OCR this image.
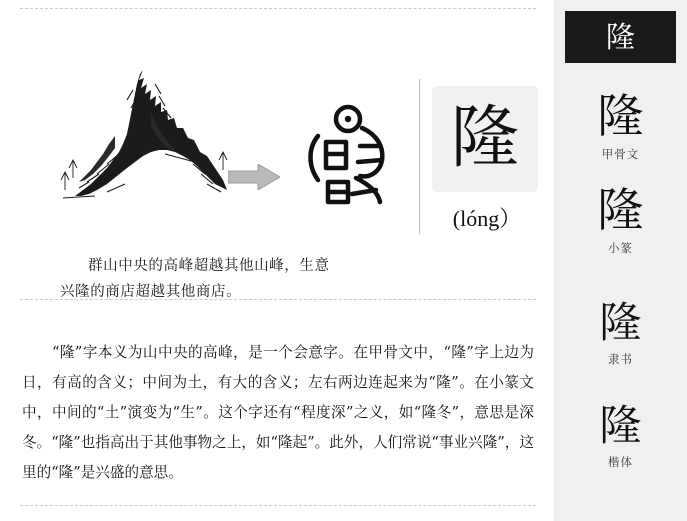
隆
(lóng）
群山中央的高峰超越其他山峰，生意
兴隆的商店超越其他商店。
“隆”字本义为山中央的高峰，是一个会意字。在甲骨文中，“隆”字上边为日，有高的含义；中间为土，有大的含义；左右两边连起来为“隆”。在小篆文中，中间的“土”演变为“生”。这个字还有“程度深”之义，如“隆冬”，意思是深冬。“隆”也指高出于其他事物之上，如“隆起”。此外，人们常说“事业兴隆”，这里的“隆”是兴盛的意思。
隆
隆
甲骨文
隆
小篆
隆
隶书
隆
楷体
